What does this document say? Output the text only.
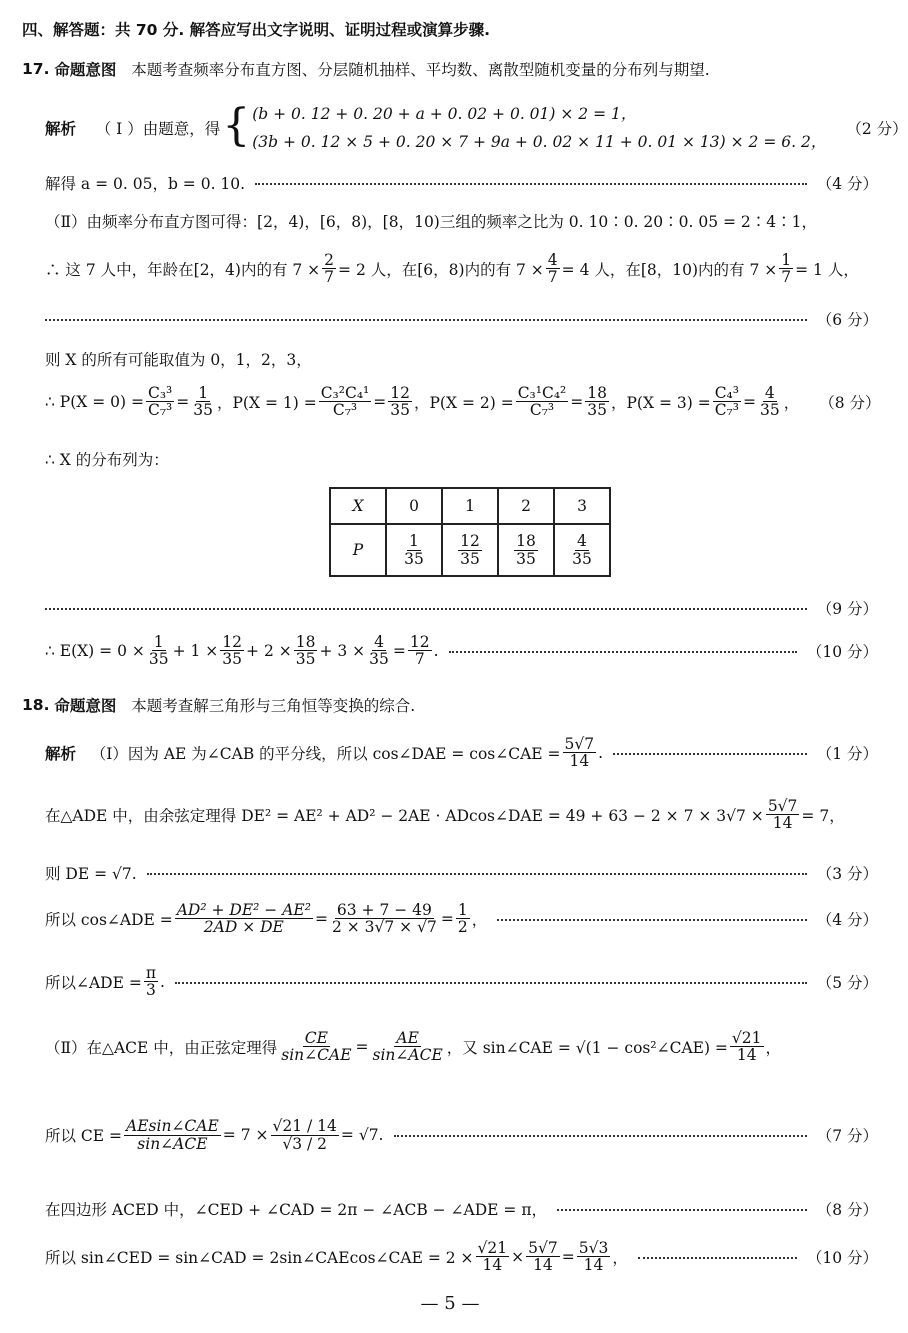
四、解答题：共 70 分. 解答应写出文字说明、证明过程或演算步骤.
17.
命题意图
本题考查频率分布直方图、分层随机抽样、平均数、离散型随机变量的分布列与期望.
解析
（ Ⅰ ）由题意，得 { (b + 0. 12 + 0. 20 + a + 0. 02 + 0. 01) × 2 = 1，
(3b + 0. 12 × 5 + 0. 20 × 7 + 9a + 0. 02 × 11 + 0. 01 × 13) × 2 = 6. 2，
（2 分）
解得 a = 0. 05，b = 0. 10.	（4 分）
（Ⅱ）由频率分布直方图可得：[2，4)，[6，8)，[8，10)三组的频率之比为 0. 10∶0. 20∶0. 05 = 2∶4∶1，
∴ 这 7 人中，年龄在[2，4)内的有 $7 \times \frac{2}{7} = 2$ 人，在[6，8)内的有 $7 \times \frac{4}{7} = 4$ 人，在[8，10)内的有 $7 \times \frac{1}{7} = 1$ 人，
（6 分）
则 X 的所有可能取值为 0，1，2，3，
∴ $P(X = 0) = \frac{\text{C₃³}}{\text{C₇³}} = \frac{1}{35}$ ，$P(X = 1) = \frac{\text{C₃²C₄¹}}{\text{C₇³}} = \frac{12}{35}$ ，$P(X = 2) = \frac{\text{C₃¹C₄²}}{\text{C₇³}} = \frac{18}{35}$ ，$P(X = 3) = \frac{\text{C₄³}}{\text{C₇³}} = \frac{4}{35}$ ， （8 分）
∴ X 的分布列为：
X	0	1	2	3
P	$\frac{1}{35}$	$\frac{12}{35}$	$\frac{18}{35}$	$\frac{4}{35}$
（9 分）
∴ $E(X) = 0 \times \frac{1}{35} + 1 \times \frac{12}{35} + 2 \times \frac{18}{35} + 3 \times \frac{4}{35} = \frac{12}{7}$ .	（10 分）
18.
命题意图
本题考查解三角形与三角恒等变换的综合.
解析
（Ⅰ）因为 AE 为∠CAB 的平分线，所以 cos∠DAE = cos∠CAE = $\frac{5√7}{14}$ .	（1 分）
在△ADE 中，由余弦定理得 DE² = AE² + AD² − 2AE · ADcos∠DAE = $49 + 63 - 2 \times 7 \times 3√7 \times \frac{5√7}{14} = 7$，
则 DE = √7.	（3 分）
所以 cos∠ADE = $\frac{\text{AD² + DE² − AE²}}{2AD \times DE} = \frac{63 + 7 - 49}{2 \times 3√7 \times √7} = \frac{1}{2}$ ，	（4 分）
所以∠ADE = $\frac{\pi}{3}$ .	（5 分）
（Ⅱ）在△ACE 中，由正弦定理得 $\frac{CE}{\text{sin∠CAE}} = \frac{AE}{\text{sin∠ACE}}$ ，又 sin∠CAE = √(1 − cos²∠CAE) = $\frac{√21}{14}$ ，
所以 CE = $\frac{\text{AEsin∠CAE}}{\text{sin∠ACE}} = 7 \times \frac{√21 / 14}{√3 / 2} = √7$.	（7 分）
在四边形 ACED 中，∠CED + ∠CAD = 2π − ∠ACB − ∠ADE = π，	（8 分）
所以 sin∠CED = sin∠CAD = 2sin∠CAEcos∠CAE = $2 \times \frac{√21}{14} \times \frac{5√7}{14} = \frac{5√3}{14}$ ，	（10 分）
— 5 —
